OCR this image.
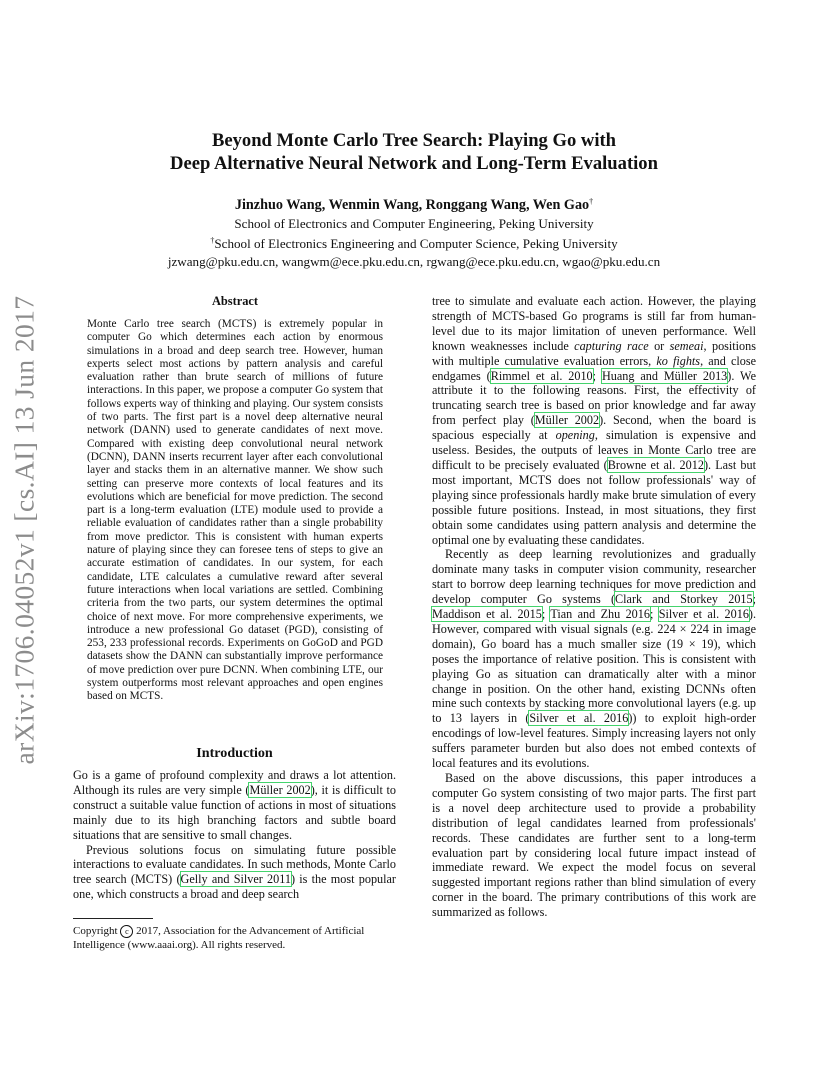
arXiv:1706.04052v1 [cs.AI] 13 Jun 2017
Beyond Monte Carlo Tree Search: Playing Go with
Deep Alternative Neural Network and Long-Term Evaluation
Jinzhuo Wang, Wenmin Wang, Ronggang Wang, Wen Gao†
School of Electronics and Computer Engineering, Peking University
†School of Electronics Engineering and Computer Science, Peking University
jzwang@pku.edu.cn, wangwm@ece.pku.edu.cn, rgwang@ece.pku.edu.cn, wgao@pku.edu.cn
Abstract
Monte Carlo tree search (MCTS) is extremely popular in computer Go which determines each action by enormous simulations in a broad and deep search tree. However, human experts select most actions by pattern analysis and careful evaluation rather than brute search of millions of future interactions. In this paper, we propose a computer Go system that follows experts way of thinking and playing. Our system consists of two parts. The first part is a novel deep alternative neural network (DANN) used to generate candidates of next move. Compared with existing deep convolutional neural network (DCNN), DANN inserts recurrent layer after each convolutional layer and stacks them in an alternative manner. We show such setting can preserve more contexts of local features and its evolutions which are beneficial for move prediction. The second part is a long-term evaluation (LTE) module used to provide a reliable evaluation of candidates rather than a single probability from move predictor. This is consistent with human experts nature of playing since they can foresee tens of steps to give an accurate estimation of candidates. In our system, for each candidate, LTE calculates a cumulative reward after several future interactions when local variations are settled. Combining criteria from the two parts, our system determines the optimal choice of next move. For more comprehensive experiments, we introduce a new professional Go dataset (PGD), consisting of 253, 233 professional records. Experiments on GoGoD and PGD datasets show the DANN can substantially improve performance of move prediction over pure DCNN. When combining LTE, our system outperforms most relevant approaches and open engines based on MCTS.
Introduction

Go is a game of profound complexity and draws a lot attention. Although its rules are very simple (Müller 2002), it is difficult to construct a suitable value function of actions in most of situations mainly due to its high branching factors and subtle board situations that are sensitive to small changes.

Previous solutions focus on simulating future possible interactions to evaluate candidates. In such methods, Monte Carlo tree search (MCTS) (Gelly and Silver 2011) is the most popular one, which constructs a broad and deep search

Copyright c 2017, Association for the Advancement of Artificial Intelligence (www.aaai.org). All rights reserved.

tree to simulate and evaluate each action. However, the playing strength of MCTS-based Go programs is still far from human-level due to its major limitation of uneven performance. Well known weaknesses include capturing race or semeai, positions with multiple cumulative evaluation errors, ko fights, and close endgames (Rimmel et al. 2010; Huang and Müller 2013). We attribute it to the following reasons. First, the effectivity of truncating search tree is based on prior knowledge and far away from perfect play (Müller 2002). Second, when the board is spacious especially at opening, simulation is expensive and useless. Besides, the outputs of leaves in Monte Carlo tree are difficult to be precisely evaluated (Browne et al. 2012). Last but most important, MCTS does not follow professionals' way of playing since professionals hardly make brute simulation of every possible future positions. Instead, in most situations, they first obtain some candidates using pattern analysis and determine the optimal one by evaluating these candidates.

Recently as deep learning revolutionizes and gradually dominate many tasks in computer vision community, researcher start to borrow deep learning techniques for move prediction and develop computer Go systems (Clark and Storkey 2015; Maddison et al. 2015; Tian and Zhu 2016; Silver et al. 2016). However, compared with visual signals (e.g. 224 × 224 in image domain), Go board has a much smaller size (19 × 19), which poses the importance of relative position. This is consistent with playing Go as situation can dramatically alter with a minor change in position. On the other hand, existing DCNNs often mine such contexts by stacking more convolutional layers (e.g. up to 13 layers in (Silver et al. 2016)) to exploit high-order encodings of low-level features. Simply increasing layers not only suffers parameter burden but also does not embed contexts of local features and its evolutions.

Based on the above discussions, this paper introduces a computer Go system consisting of two major parts. The first part is a novel deep architecture used to provide a probability distribution of legal candidates learned from professionals' records. These candidates are further sent to a long-term evaluation part by considering local future impact instead of immediate reward. We expect the model focus on several suggested important regions rather than blind simulation of every corner in the board. The primary contributions of this work are summarized as follows.
